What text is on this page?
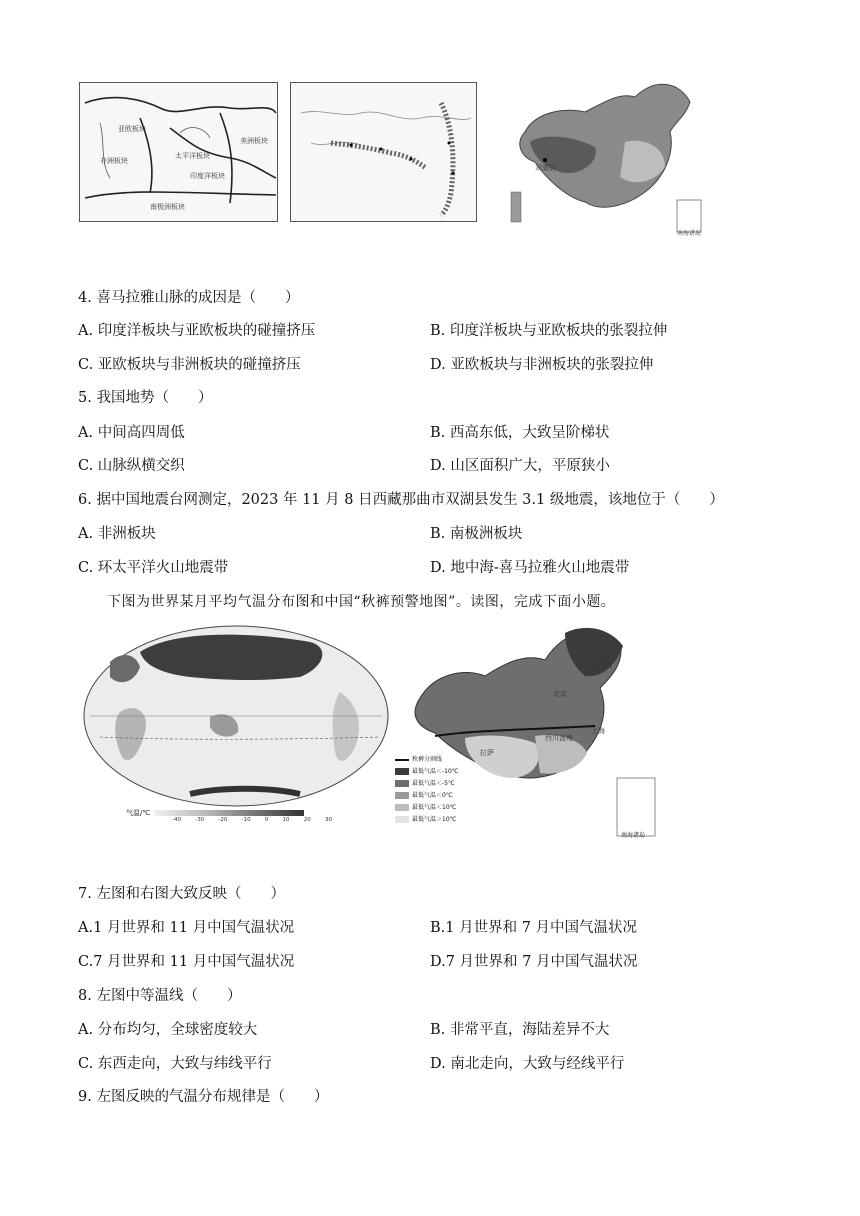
亚欧板块
太平洋板块
非洲板块
印度洋板块
南极洲板块
美洲板块
双湖县
南海诸岛
4. 喜马拉雅山脉的成因是（　　）
A. 印度洋板块与亚欧板块的碰撞挤压	B. 印度洋板块与亚欧板块的张裂拉伸
C. 亚欧板块与非洲板块的碰撞挤压	D. 亚欧板块与非洲板块的张裂拉伸
5. 我国地势（　　）
A. 中间高四周低	B. 西高东低，大致呈阶梯状
C. 山脉纵横交织	D. 山区面积广大，平原狭小
6. 据中国地震台网测定，2023 年 11 月 8 日西藏那曲市双湖县发生 3.1 级地震，该地位于（　　）
A. 非洲板块	B. 南极洲板块
C. 环太平洋火山地震带	D. 地中海-喜马拉雅火山地震带
下图为世界某月平均气温分布图和中国“秋裤预警地图”。读图，完成下面小题。
气温/℃
-40	-30	-20	-10	0	10	20	30
哈尔滨
北京
拉萨
上海
西川盆地
秋裤分割线
最低气温＜-10℃
最低气温＜-5℃
最低气温＜0℃
最低气温＜10℃
最低气温＞10℃
南海诸岛
7. 左图和右图大致反映（　　）
A.1 月世界和 11 月中国气温状况	B.1 月世界和 7 月中国气温状况
C.7 月世界和 11 月中国气温状况	D.7 月世界和 7 月中国气温状况
8. 左图中等温线（　　）
A. 分布均匀，全球密度较大	B. 非常平直，海陆差异不大
C. 东西走向，大致与纬线平行	D. 南北走向，大致与经线平行
9. 左图反映的气温分布规律是（　　）
